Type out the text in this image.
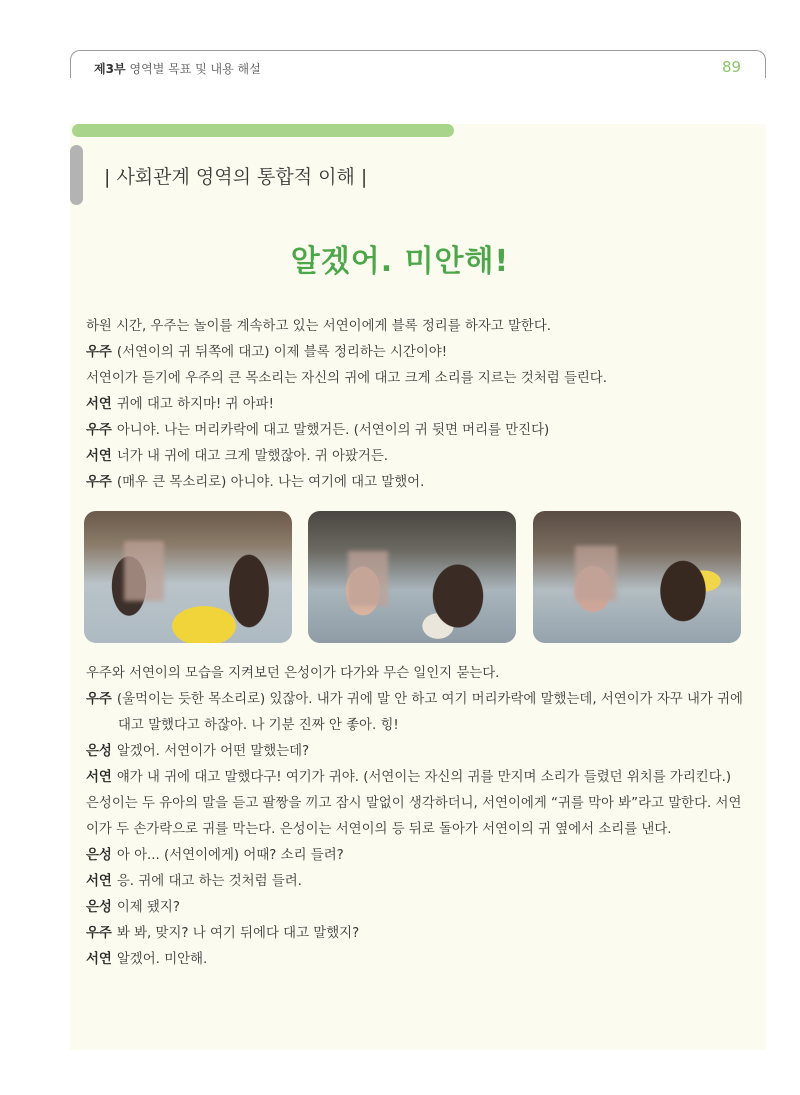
제3부 영역별 목표 및 내용 해설	89
| 사회관계 영역의 통합적 이해 |
알겠어. 미안해!
하원 시간, 우주는 놀이를 계속하고 있는 서연이에게 블록 정리를 하자고 말한다.
우주 (서연이의 귀 뒤쪽에 대고) 이제 블록 정리하는 시간이야!
서연이가 듣기에 우주의 큰 목소리는 자신의 귀에 대고 크게 소리를 지르는 것처럼 들린다.
서연 귀에 대고 하지마! 귀 아파!
우주 아니야. 나는 머리카락에 대고 말했거든. (서연이의 귀 뒷면 머리를 만진다)
서연 너가 내 귀에 대고 크게 말했잖아. 귀 아팠거든.
우주 (매우 큰 목소리로) 아니야. 나는 여기에 대고 말했어.
우주와 서연이의 모습을 지켜보던 은성이가 다가와 무슨 일인지 묻는다.
우주 (울먹이는 듯한 목소리로) 있잖아. 내가 귀에 말 안 하고 여기 머리카락에 말했는데, 서연이가 자꾸 내가 귀에 대고 말했다고 하잖아. 나 기분 진짜 안 좋아. 힝!
은성 알겠어. 서연이가 어떤 말했는데?
서연 얘가 내 귀에 대고 말했다구! 여기가 귀야. (서연이는 자신의 귀를 만지며 소리가 들렸던 위치를 가리킨다.)
은성이는 두 유아의 말을 듣고 팔짱을 끼고 잠시 말없이 생각하더니, 서연이에게 “귀를 막아 봐”라고 말한다. 서연이가 두 손가락으로 귀를 막는다. 은성이는 서연이의 등 뒤로 돌아가 서연이의 귀 옆에서 소리를 낸다.
은성 아 아... (서연이에게) 어때? 소리 들려?
서연 응. 귀에 대고 하는 것처럼 들려.
은성 이제 됐지?
우주 봐 봐, 맞지? 나 여기 뒤에다 대고 말했지?
서연 알겠어. 미안해.
